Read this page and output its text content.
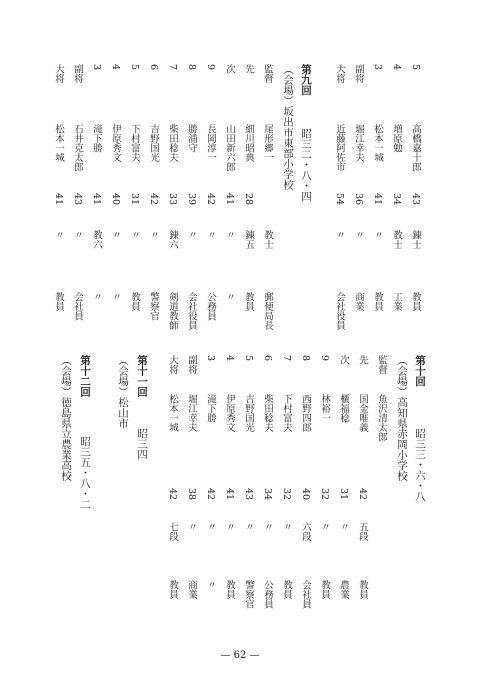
5
高橋嘉十郎
43
錬士
教員
4
増原勉
34
教士
工業
3
松本一城
41
〃
教員
副将
堀江幸夫
36
〃
商業
大将
近藤阿佐市
54
〃
会社役員
第九回
昭三二・八・四
（会場）坂出市東部小学校
監督
尾形郷一
教士
郵便局長
先
細川昭典
28
錬五
教員
次
山田新六郎
41
〃
〃
9
長岡淳一
42
〃
公務員
8
勝浦守
39
〃
会社役員
7
柴田稔夫
33
錬六
剣道教師
6
吉野国光
42
〃
警察官
5
下村富夫
31
〃
教員
4
伊原秀文
40
〃
〃
3
滝下勝
41
教六
〃
副将
石井克太郎
43
〃
会社員
大将
松本一城
41
〃
教員
第十回
昭三三・六・八
（会場）高知県赤岡小学校
監督
魚沢清太郎
先
国金唯義
42
五段
教員
次
櫃福稔
31
〃
農業
9
林裕一
32
〃
教員
8
西野四郎
40
六段
会社員
7
下村富夫
32
〃
教員
6
柴田稔夫
34
〃
公務員
5
吉野国光
43
〃
警察官
4
伊原秀文
41
〃
教員
3
滝下勝
42
〃
〃
副将
堀江幸夫
38
〃
商業
大将
松本一城
42
七段
教員
第十一回
昭三四
（会場）松山市
第十二回
昭三五・八・二
（会場）徳島県立農業高校
— 62 —
